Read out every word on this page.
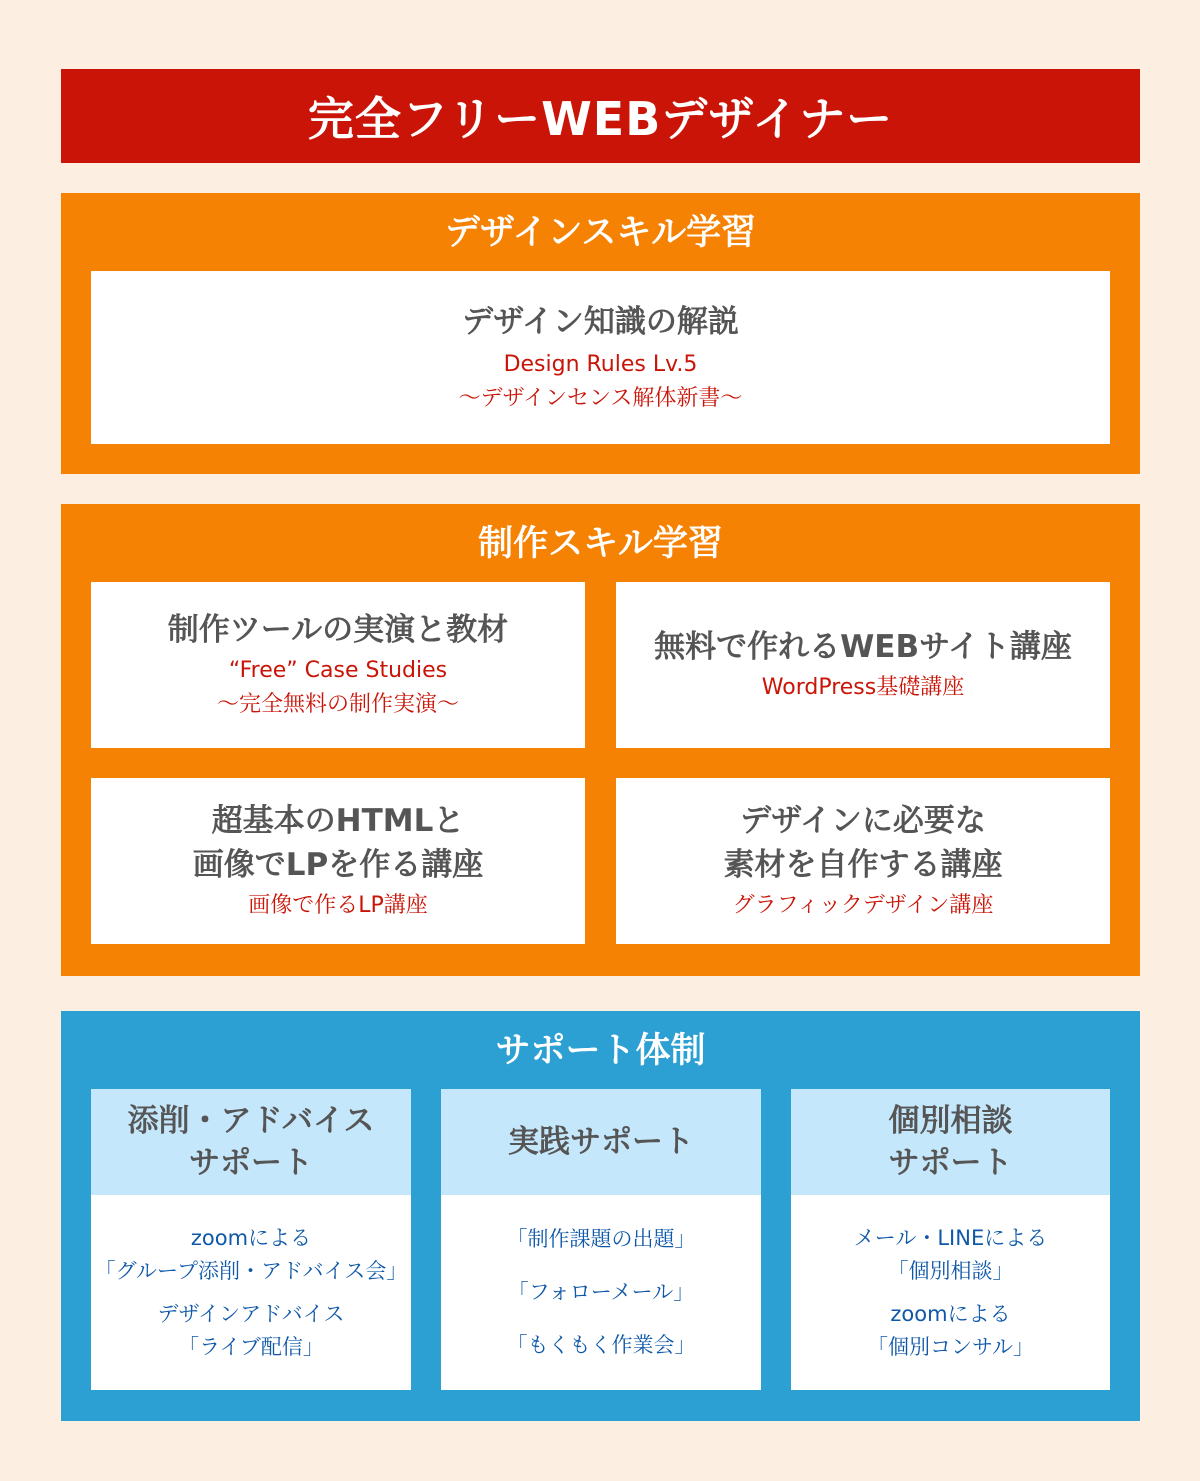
完全フリーWEBデザイナー
デザインスキル学習
デザイン知識の解説
Design Rules Lv.5
〜デザインセンス解体新書〜
制作スキル学習
制作ツールの実演と教材
“Free” Case Studies
〜完全無料の制作実演〜
無料で作れるWEBサイト講座
WordPress基礎講座
超基本のHTMLと
画像でLPを作る講座
画像で作るLP講座
デザインに必要な
素材を自作する講座
グラフィックデザイン講座
サポート体制
添削・アドバイス
サポート
zoomによる
「グループ添削・アドバイス会」
デザインアドバイス
「ライブ配信」
実践サポート
「制作課題の出題」
「フォローメール」
「もくもく作業会」
個別相談
サポート
メール・LINEによる
「個別相談」
zoomによる
「個別コンサル」
